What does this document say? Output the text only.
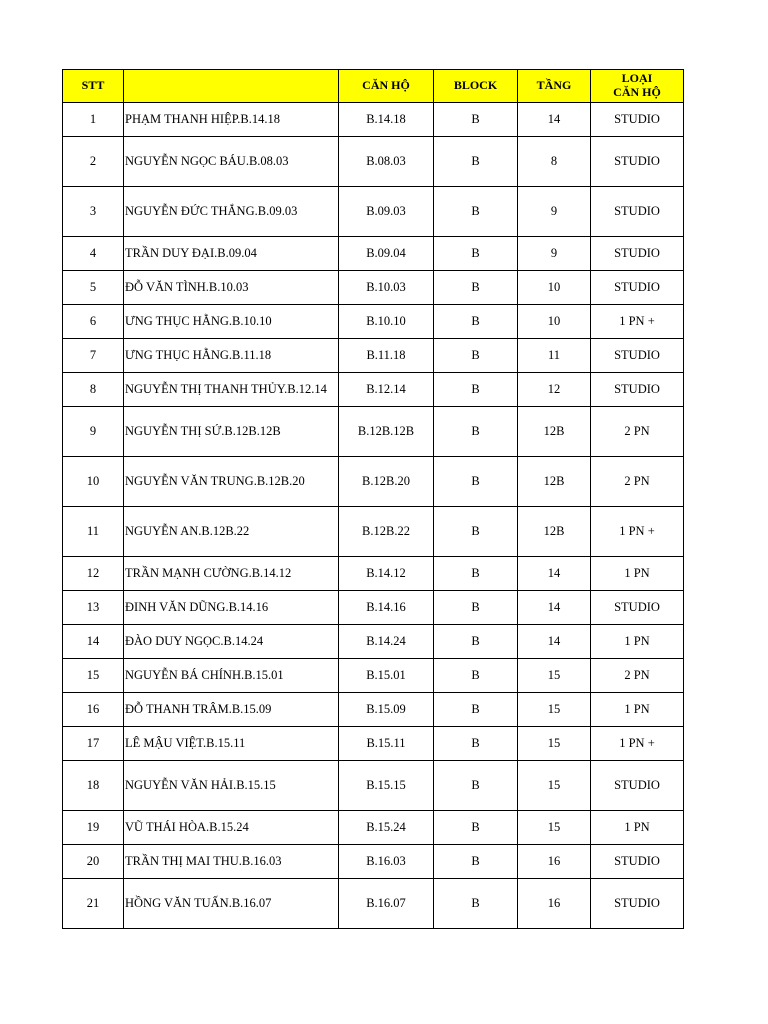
STT		CĂN HỘ	BLOCK	TẦNG	LOẠI
CĂN HỘ

1	PHẠM THANH HIỆP.B.14.18	B.14.18	B	14	STUDIO
2	NGUYỄN NGỌC BÁU.B.08.03	B.08.03	B	8	STUDIO
3	NGUYỄN ĐỨC THẮNG.B.09.03	B.09.03	B	9	STUDIO
4	TRẦN DUY ĐẠI.B.09.04	B.09.04	B	9	STUDIO
5	ĐỖ VĂN TÌNH.B.10.03	B.10.03	B	10	STUDIO
6	ƯNG THỤC HẰNG.B.10.10	B.10.10	B	10	1 PN +
7	ƯNG THỤC HẰNG.B.11.18	B.11.18	B	11	STUDIO
8	NGUYỄN THỊ THANH THỦY.B.12.14	B.12.14	B	12	STUDIO
9	NGUYỄN THỊ SỨ.B.12B.12B	B.12B.12B	B	12B	2 PN
10	NGUYỄN VĂN TRUNG.B.12B.20	B.12B.20	B	12B	2 PN
11	NGUYỄN AN.B.12B.22	B.12B.22	B	12B	1 PN +
12	TRẦN MẠNH CƯỜNG.B.14.12	B.14.12	B	14	1 PN
13	ĐINH VĂN DŨNG.B.14.16	B.14.16	B	14	STUDIO
14	ĐÀO DUY NGỌC.B.14.24	B.14.24	B	14	1 PN
15	NGUYỄN BÁ CHÍNH.B.15.01	B.15.01	B	15	2 PN
16	ĐỖ THANH TRÂM.B.15.09	B.15.09	B	15	1 PN
17	LÊ MẬU VIỆT.B.15.11	B.15.11	B	15	1 PN +
18	NGUYỄN VĂN HẢI.B.15.15	B.15.15	B	15	STUDIO
19	VŨ THÁI HÒA.B.15.24	B.15.24	B	15	1 PN
20	TRẦN THỊ MAI THU.B.16.03	B.16.03	B	16	STUDIO
21	HỒNG VĂN TUẤN.B.16.07	B.16.07	B	16	STUDIO
